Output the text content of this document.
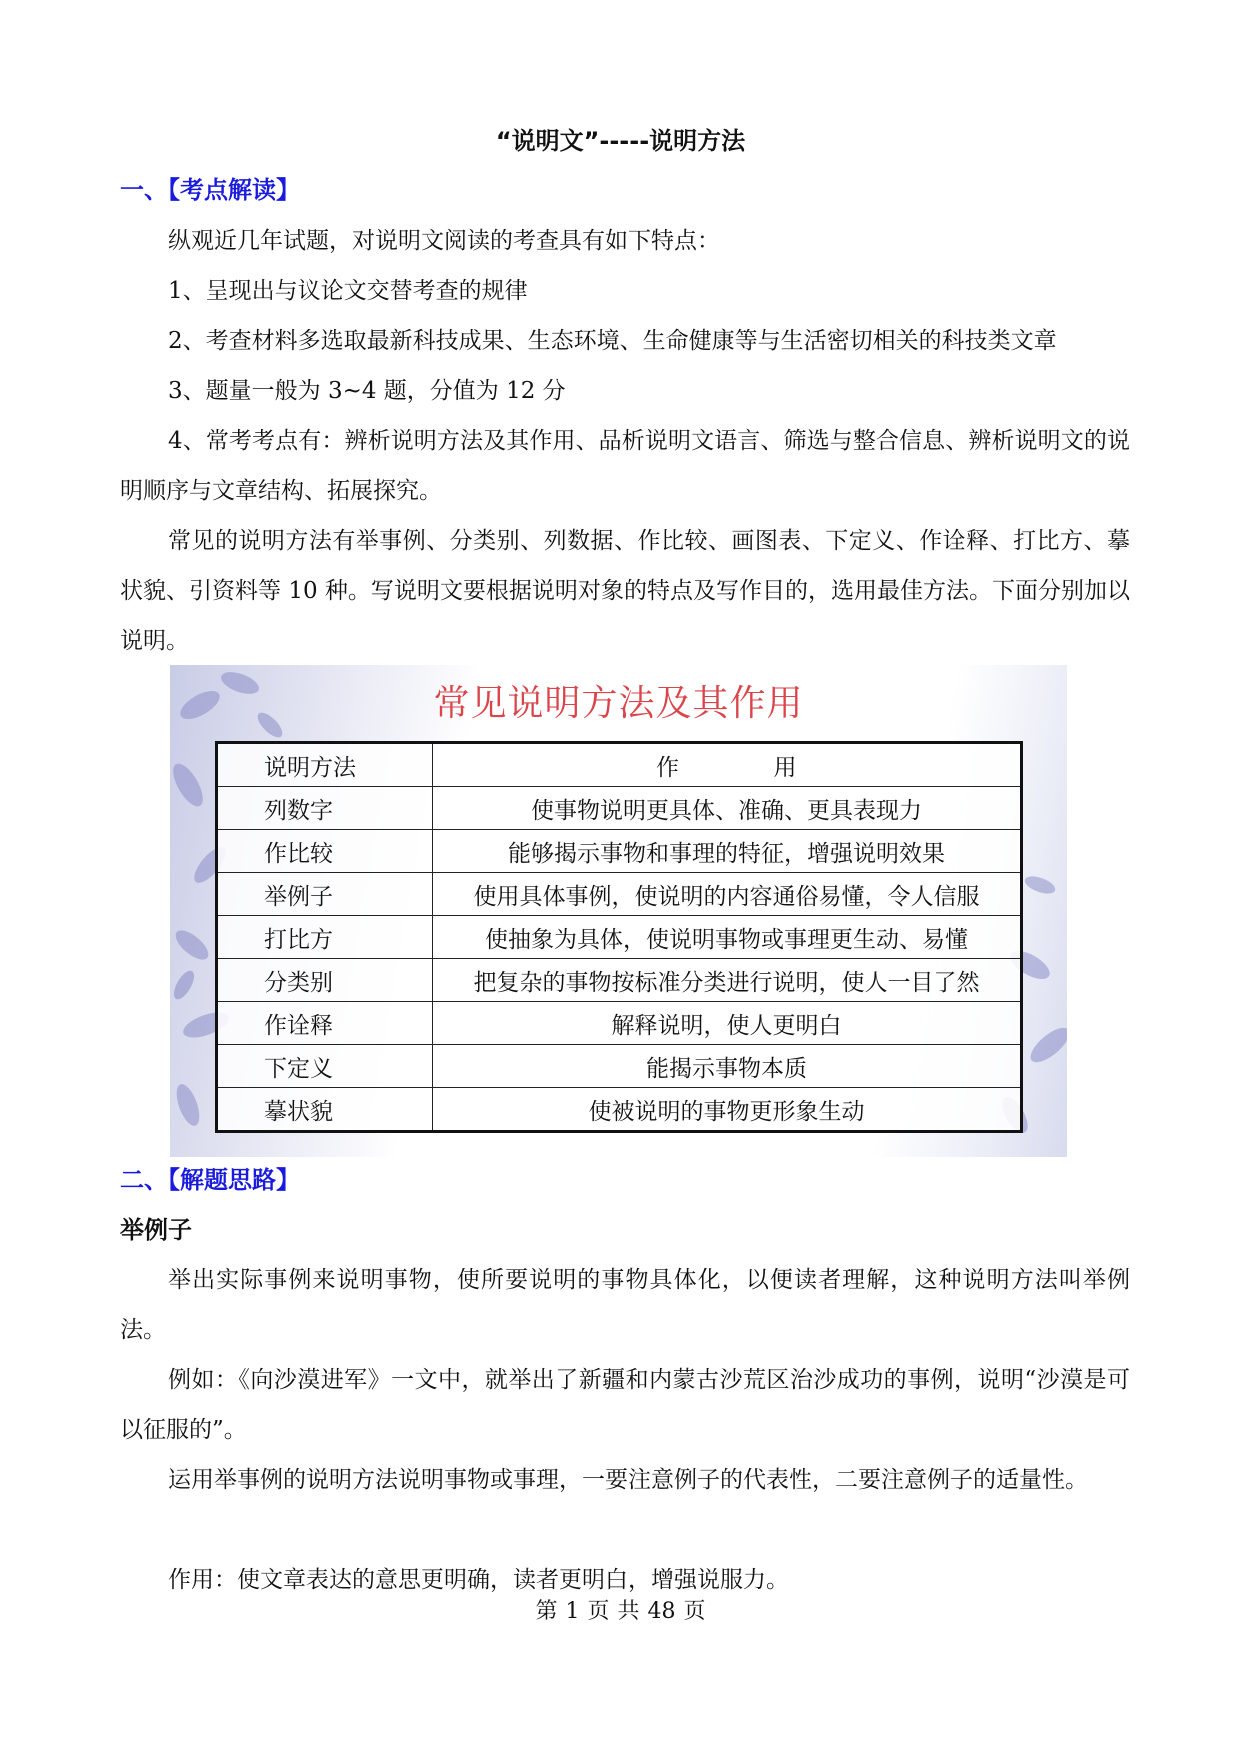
“说明文”-----说明方法
一、【考点解读】

纵观近几年试题，对说明文阅读的考查具有如下特点：

1、呈现出与议论文交替考查的规律

2、考查材料多选取最新科技成果、生态环境、生命健康等与生活密切相关的科技类文章

3、题量一般为 3~4 题，分值为 12 分

4、常考考点有：辨析说明方法及其作用、品析说明文语言、筛选与整合信息、辨析说明文的说明顺序与文章结构、拓展探究。

常见的说明方法有举事例、分类别、列数据、作比较、画图表、下定义、作诠释、打比方、摹状貌、引资料等 10 种。写说明文要根据说明对象的特点及写作目的，选用最佳方法。下面分别加以说明。

常见说明方法及其作用
说明方法	作　　　　用
列数字	使事物说明更具体、准确、更具表现力
作比较	能够揭示事物和事理的特征，增强说明效果
举例子	使用具体事例，使说明的内容通俗易懂，令人信服
打比方	使抽象为具体，使说明事物或事理更生动、易懂
分类别	把复杂的事物按标准分类进行说明，使人一目了然
作诠释	解释说明，使人更明白
下定义	能揭示事物本质
摹状貌	使被说明的事物更形象生动
二、【解题思路】
举例子

举出实际事例来说明事物，使所要说明的事物具体化，以便读者理解，这种说明方法叫举例法。

例如：《向沙漠进军》一文中，就举出了新疆和内蒙古沙荒区治沙成功的事例，说明“沙漠是可以征服的”。

运用举事例的说明方法说明事物或事理，一要注意例子的代表性，二要注意例子的适量性。

作用：使文章表达的意思更明确，读者更明白，增强说服力。

第 1 页 共 48 页
